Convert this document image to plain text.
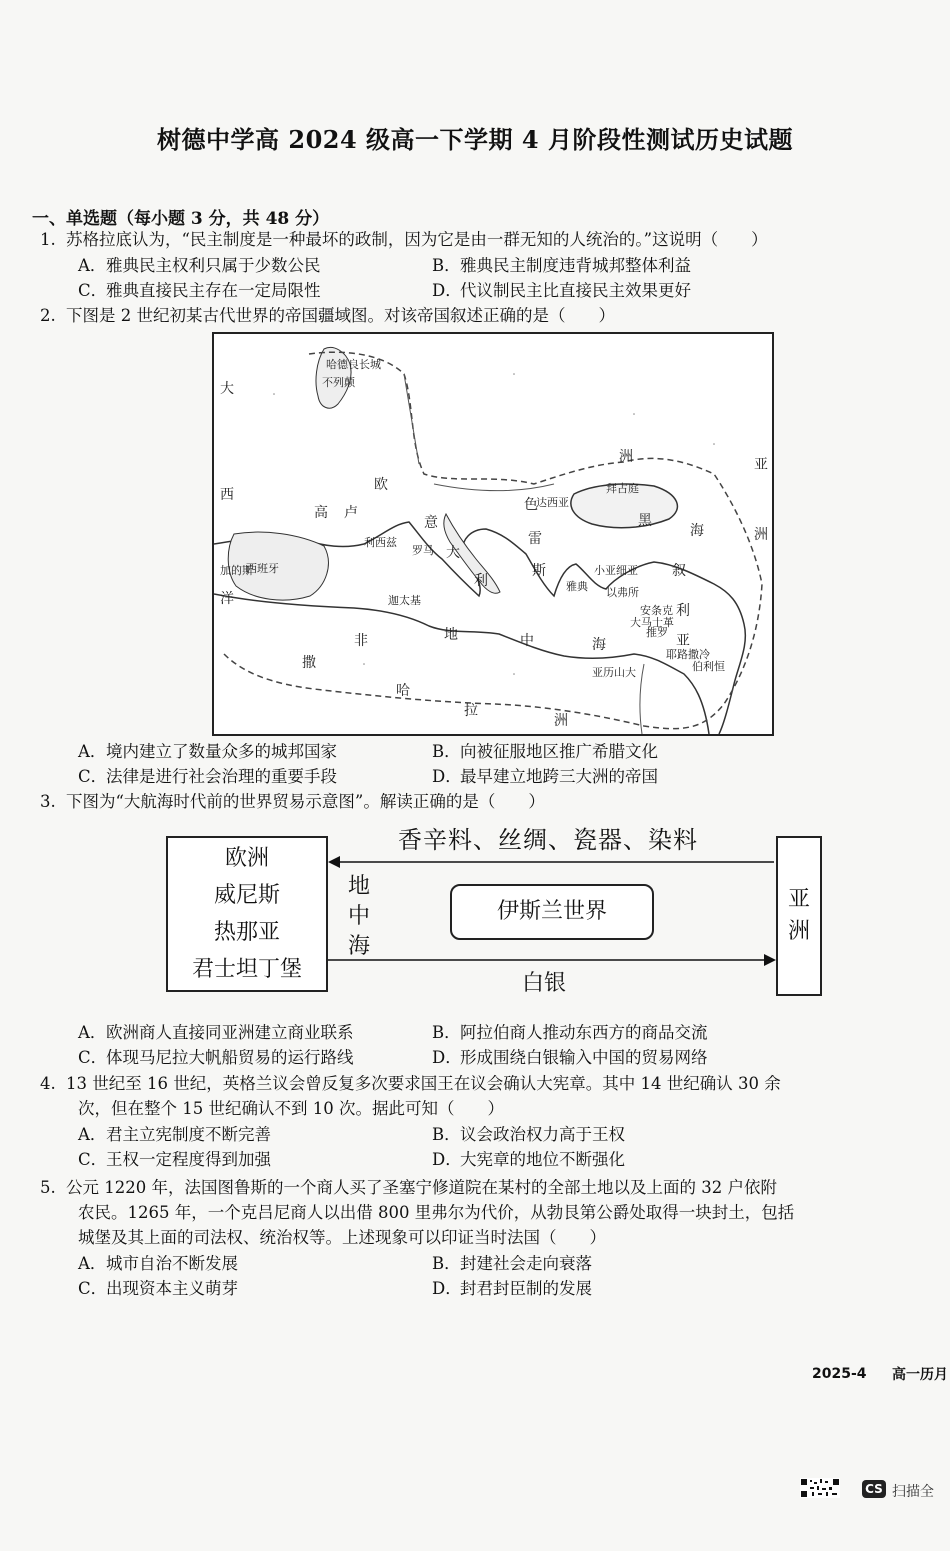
树德中学高 2024 级高一下学期 4 月阶段性测试历史试题
一、单选题（每小题 3 分，共 48 分）
1. 苏格拉底认为，“民主制度是一种最坏的政制，因为它是由一群无知的人统治的。”这说明（　　）
A．雅典民主权利只属于少数公民	B．雅典民主制度违背城邦整体利益
C．雅典直接民主存在一定局限性	D．代议制民主比直接民主效果更好
2. 下图是 2 世纪初某古代世界的帝国疆域图。对该帝国叙述正确的是（　　）
哈德良长城
大
西
洋
欧
洲
高 卢
意
大
利
色
雷
斯	小亚细亚 叙
利
亚
地	中	海
非
洲
撒
哈
拉
黑
海
亚
洲
不列颠
达西亚
拜占庭
利西兹
罗马
西班牙
加的斯
迦太基
雅典 以弗所
安条克
推罗
大马士革
耶路撒冷
亚历山大	伯利恒
A．境内建立了数量众多的城邦国家	B．向被征服地区推广希腊文化
C．法律是进行社会治理的重要手段	D．最早建立地跨三大洲的帝国
3. 下图为“大航海时代前的世界贸易示意图”。解读正确的是（　　）
欧洲
威尼斯
热那亚
君士坦丁堡
香辛料、丝绸、瓷器、染料
地
中
海
伊斯兰世界
白银
亚
洲
A．欧洲商人直接同亚洲建立商业联系	B．阿拉伯商人推动东西方的商品交流
C．体现马尼拉大帆船贸易的运行路线	D．形成围绕白银输入中国的贸易网络
4. 13 世纪至 16 世纪，英格兰议会曾反复多次要求国王在议会确认大宪章。其中 14 世纪确认 30 余
次，但在整个 15 世纪确认不到 10 次。据此可知（　　）
A．君主立宪制度不断完善	B．议会政治权力高于王权
C．王权一定程度得到加强	D．大宪章的地位不断强化
5. 公元 1220 年，法国图鲁斯的一个商人买了圣塞宁修道院在某村的全部土地以及上面的 32 户依附
农民。1265 年，一个克吕尼商人以出借 800 里弗尔为代价，从勃艮第公爵处取得一块封土，包括
城堡及其上面的司法权、统治权等。上述现象可以印证当时法国（　　）
A．城市自治不断发展	B．封建社会走向衰落
C．出现资本主义萌芽	D．封君封臣制的发展
2025-4 高一历月
CS 扫描全
